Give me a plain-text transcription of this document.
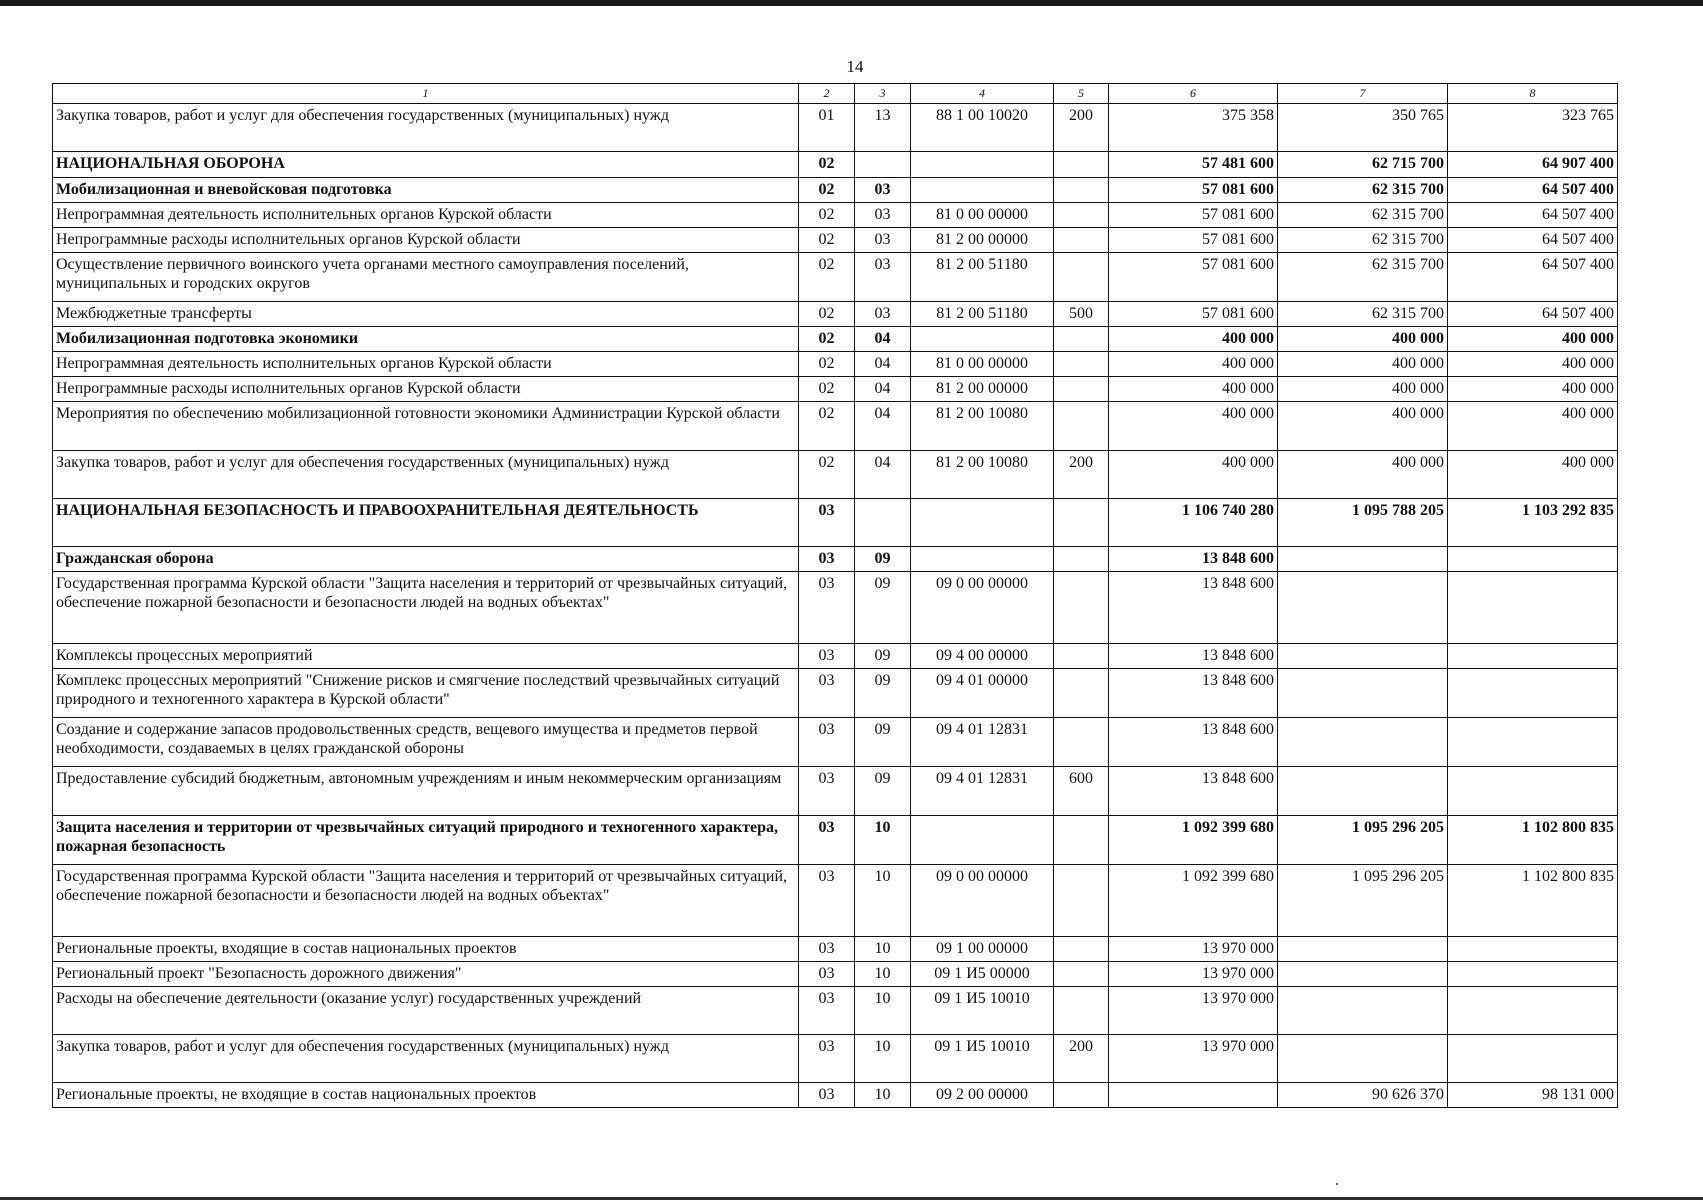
14
1	2	3	4	5	6	7	8
Закупка товаров, работ и услуг для обеспечения государственных (муниципальных) нужд	01	13	88 1 00 10020	200	375 358	350 765	323 765
НАЦИОНАЛЬНАЯ ОБОРОНА	02				57 481 600	62 715 700	64 907 400
Мобилизационная и вневойсковая подготовка	02	03			57 081 600	62 315 700	64 507 400
Непрограммная деятельность исполнительных органов Курской области	02	03	81 0 00 00000		57 081 600	62 315 700	64 507 400
Непрограммные расходы исполнительных органов Курской области	02	03	81 2 00 00000		57 081 600	62 315 700	64 507 400
Осуществление первичного воинского учета органами местного самоуправления поселений, муниципальных и городских округов	02	03	81 2 00 51180		57 081 600	62 315 700	64 507 400
Межбюджетные трансферты	02	03	81 2 00 51180	500	57 081 600	62 315 700	64 507 400
Мобилизационная подготовка экономики	02	04			400 000	400 000	400 000
Непрограммная деятельность исполнительных органов Курской области	02	04	81 0 00 00000		400 000	400 000	400 000
Непрограммные расходы исполнительных органов Курской области	02	04	81 2 00 00000		400 000	400 000	400 000
Мероприятия по обеспечению мобилизационной готовности экономики Администрации Курской области	02	04	81 2 00 10080		400 000	400 000	400 000
Закупка товаров, работ и услуг для обеспечения государственных (муниципальных) нужд	02	04	81 2 00 10080	200	400 000	400 000	400 000
НАЦИОНАЛЬНАЯ БЕЗОПАСНОСТЬ И ПРАВООХРАНИТЕЛЬНАЯ ДЕЯТЕЛЬНОСТЬ	03				1 106 740 280	1 095 788 205	1 103 292 835
Гражданская оборона	03	09			13 848 600		
Государственная программа Курской области "Защита населения и территорий от чрезвычайных ситуаций, обеспечение пожарной безопасности и безопасности людей на водных объектах"	03	09	09 0 00 00000		13 848 600		
Комплексы процессных мероприятий	03	09	09 4 00 00000		13 848 600		
Комплекс процессных мероприятий "Снижение рисков и смягчение последствий чрезвычайных ситуаций природного и техногенного характера в Курской области"	03	09	09 4 01 00000		13 848 600		
Создание и содержание запасов продовольственных средств, вещевого имущества и предметов первой необходимости, создаваемых в целях гражданской обороны	03	09	09 4 01 12831		13 848 600		
Предоставление субсидий бюджетным, автономным учреждениям и иным некоммерческим организациям	03	09	09 4 01 12831	600	13 848 600		
Защита населения и территории от чрезвычайных ситуаций природного и техногенного характера, пожарная безопасность	03	10			1 092 399 680	1 095 296 205	1 102 800 835
Государственная программа Курской области "Защита населения и территорий от чрезвычайных ситуаций, обеспечение пожарной безопасности и безопасности людей на водных объектах"	03	10	09 0 00 00000		1 092 399 680	1 095 296 205	1 102 800 835
Региональные проекты, входящие в состав национальных проектов	03	10	09 1 00 00000		13 970 000		
Региональный проект "Безопасность дорожного движения"	03	10	09 1 И5 00000		13 970 000		
Расходы на обеспечение деятельности (оказание услуг) государственных учреждений	03	10	09 1 И5 10010		13 970 000		
Закупка товаров, работ и услуг для обеспечения государственных (муниципальных) нужд	03	10	09 1 И5 10010	200	13 970 000		
Региональные проекты, не входящие в состав национальных проектов	03	10	09 2 00 00000			90 626 370	98 131 000
